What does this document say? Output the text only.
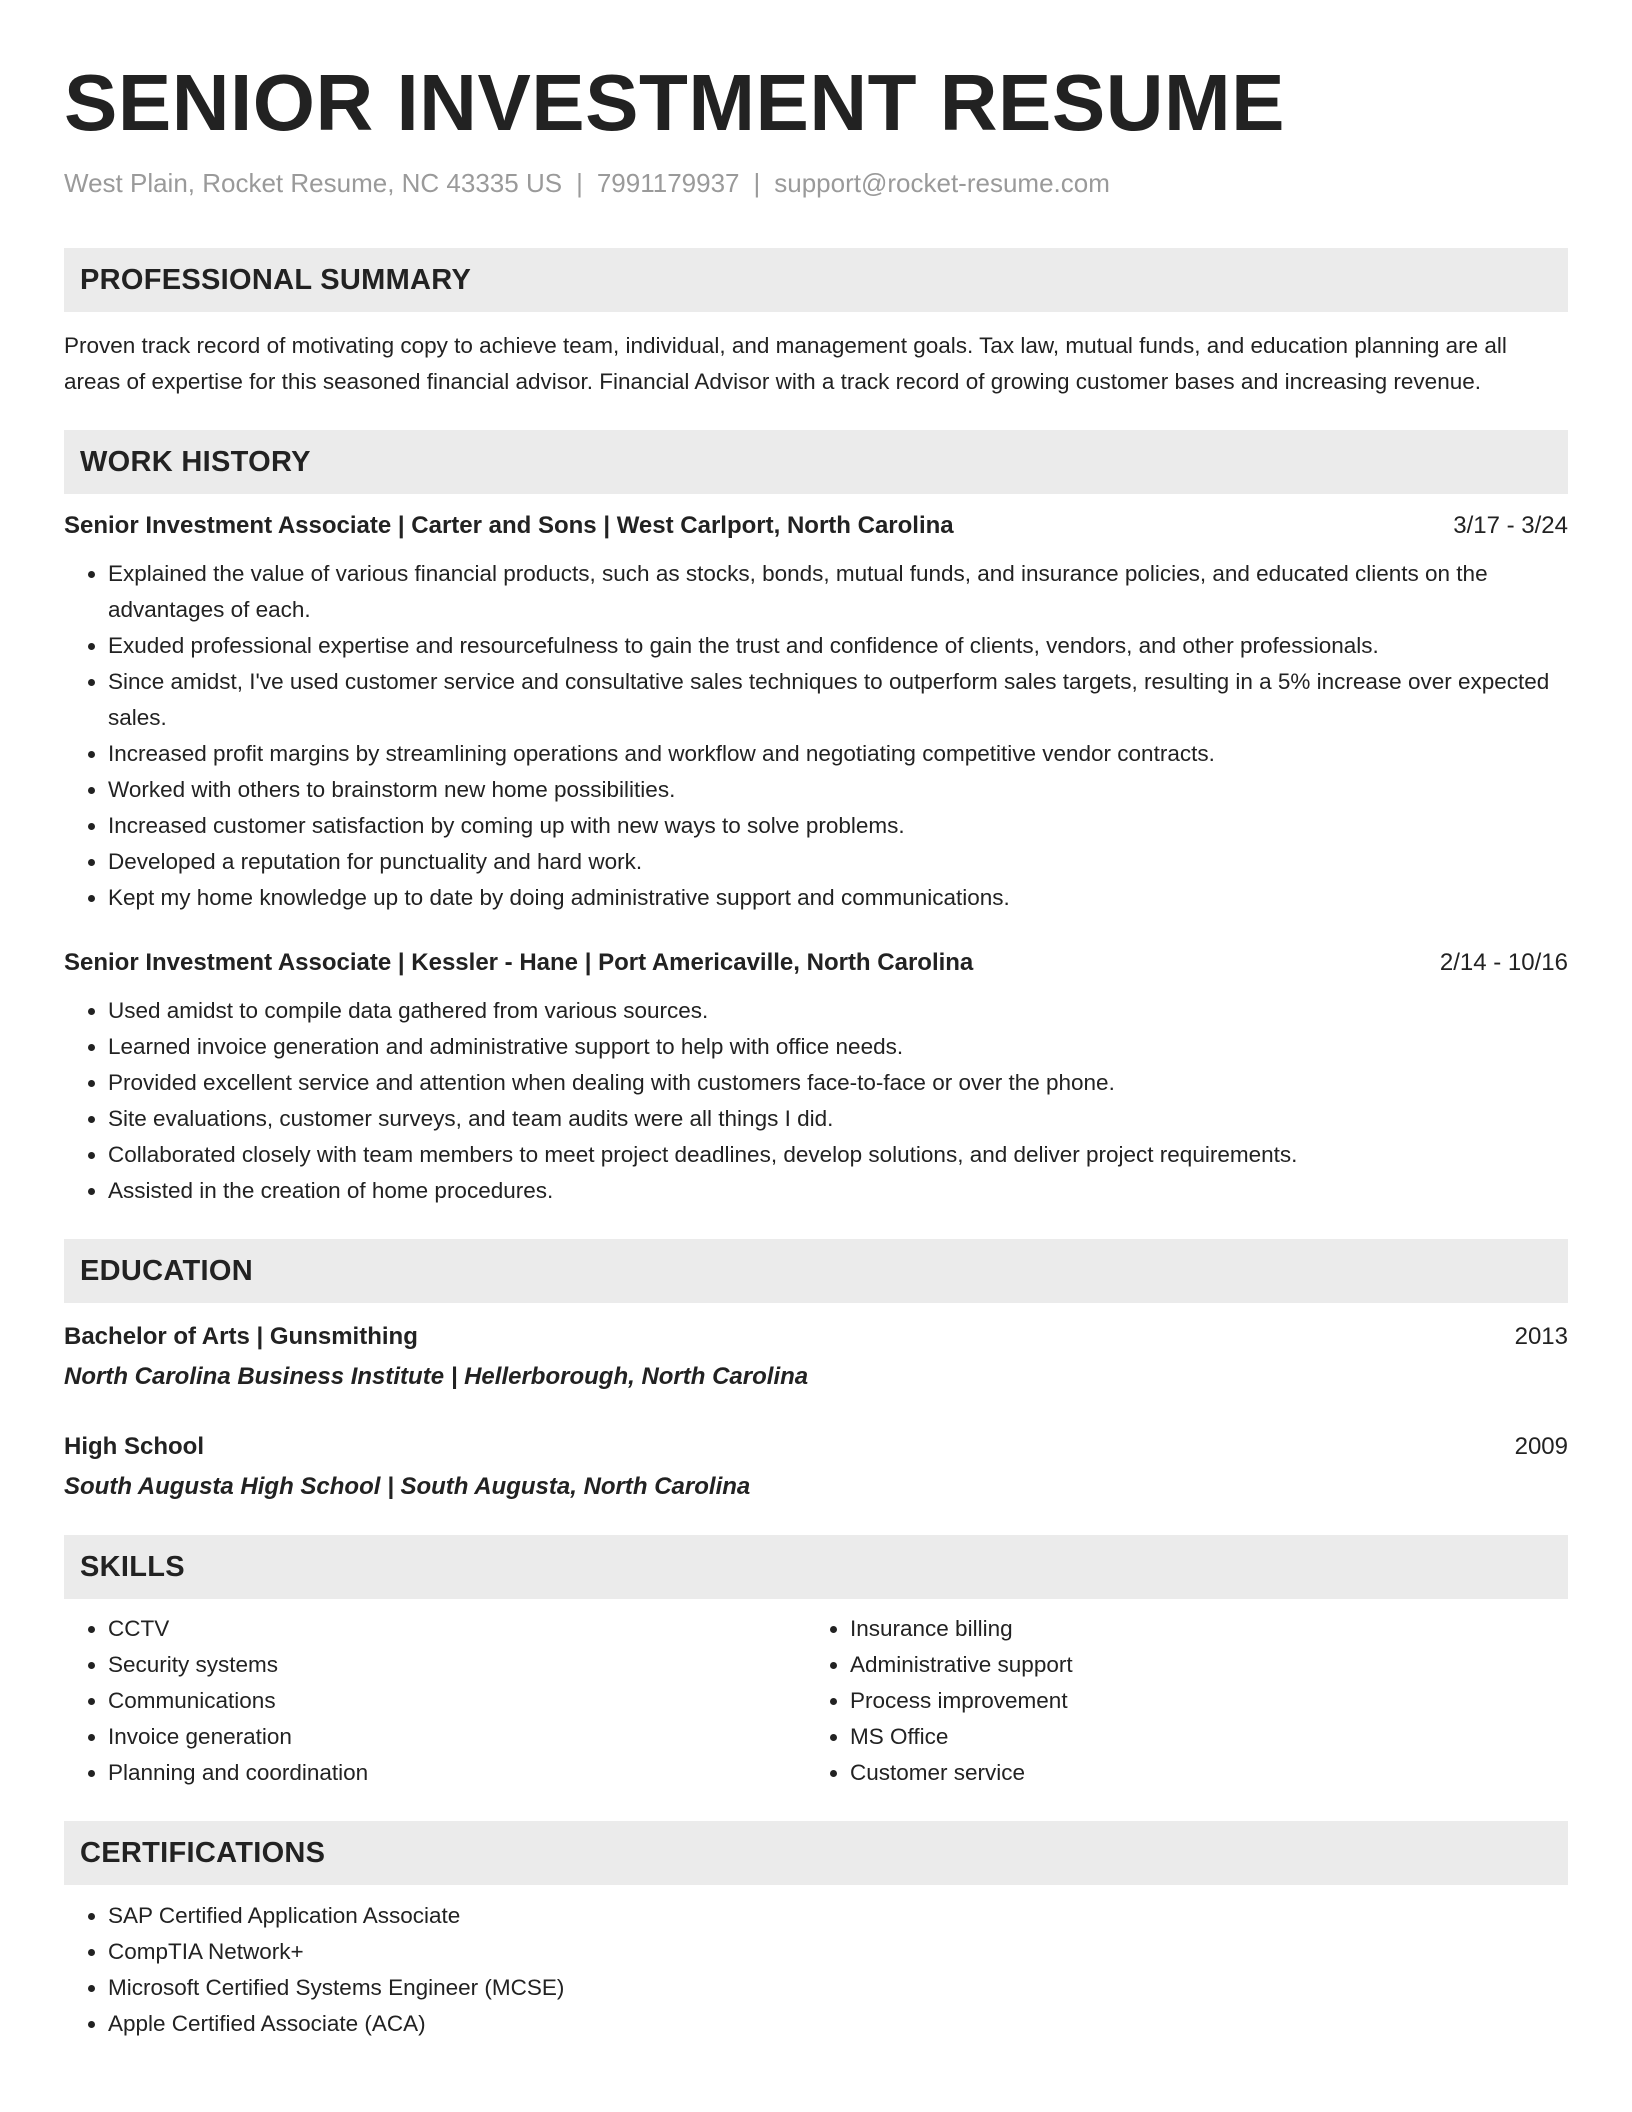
SENIOR INVESTMENT RESUME
West Plain, Rocket Resume, NC 43335 US | 7991179937 | support@rocket-resume.com
PROFESSIONAL SUMMARY

Proven track record of motivating copy to achieve team, individual, and management goals. Tax law, mutual funds, and education planning are all areas of expertise for this seasoned financial advisor. Financial Advisor with a track record of growing customer bases and increasing revenue.

WORK HISTORY
Senior Investment Associate | Carter and Sons | West Carlport, North Carolina	3/17 - 3/24
• Explained the value of various financial products, such as stocks, bonds, mutual funds, and insurance policies, and educated clients on the advantages of each.
• Exuded professional expertise and resourcefulness to gain the trust and confidence of clients, vendors, and other professionals.
• Since amidst, I've used customer service and consultative sales techniques to outperform sales targets, resulting in a 5% increase over expected sales.
• Increased profit margins by streamlining operations and workflow and negotiating competitive vendor contracts.
• Worked with others to brainstorm new home possibilities.
• Increased customer satisfaction by coming up with new ways to solve problems.
• Developed a reputation for punctuality and hard work.
• Kept my home knowledge up to date by doing administrative support and communications.
Senior Investment Associate | Kessler - Hane | Port Americaville, North Carolina	2/14 - 10/16
• Used amidst to compile data gathered from various sources.
• Learned invoice generation and administrative support to help with office needs.
• Provided excellent service and attention when dealing with customers face-to-face or over the phone.
• Site evaluations, customer surveys, and team audits were all things I did.
• Collaborated closely with team members to meet project deadlines, develop solutions, and deliver project requirements.
• Assisted in the creation of home procedures.
EDUCATION
Bachelor of Arts | Gunsmithing	2013
North Carolina Business Institute | Hellerborough, North Carolina
High School	2009
South Augusta High School | South Augusta, North Carolina
SKILLS
• CCTV
• Security systems
• Communications
• Invoice generation
• Planning and coordination
• Insurance billing
• Administrative support
• Process improvement
• MS Office
• Customer service
CERTIFICATIONS
• SAP Certified Application Associate
• CompTIA Network+
• Microsoft Certified Systems Engineer (MCSE)
• Apple Certified Associate (ACA)
